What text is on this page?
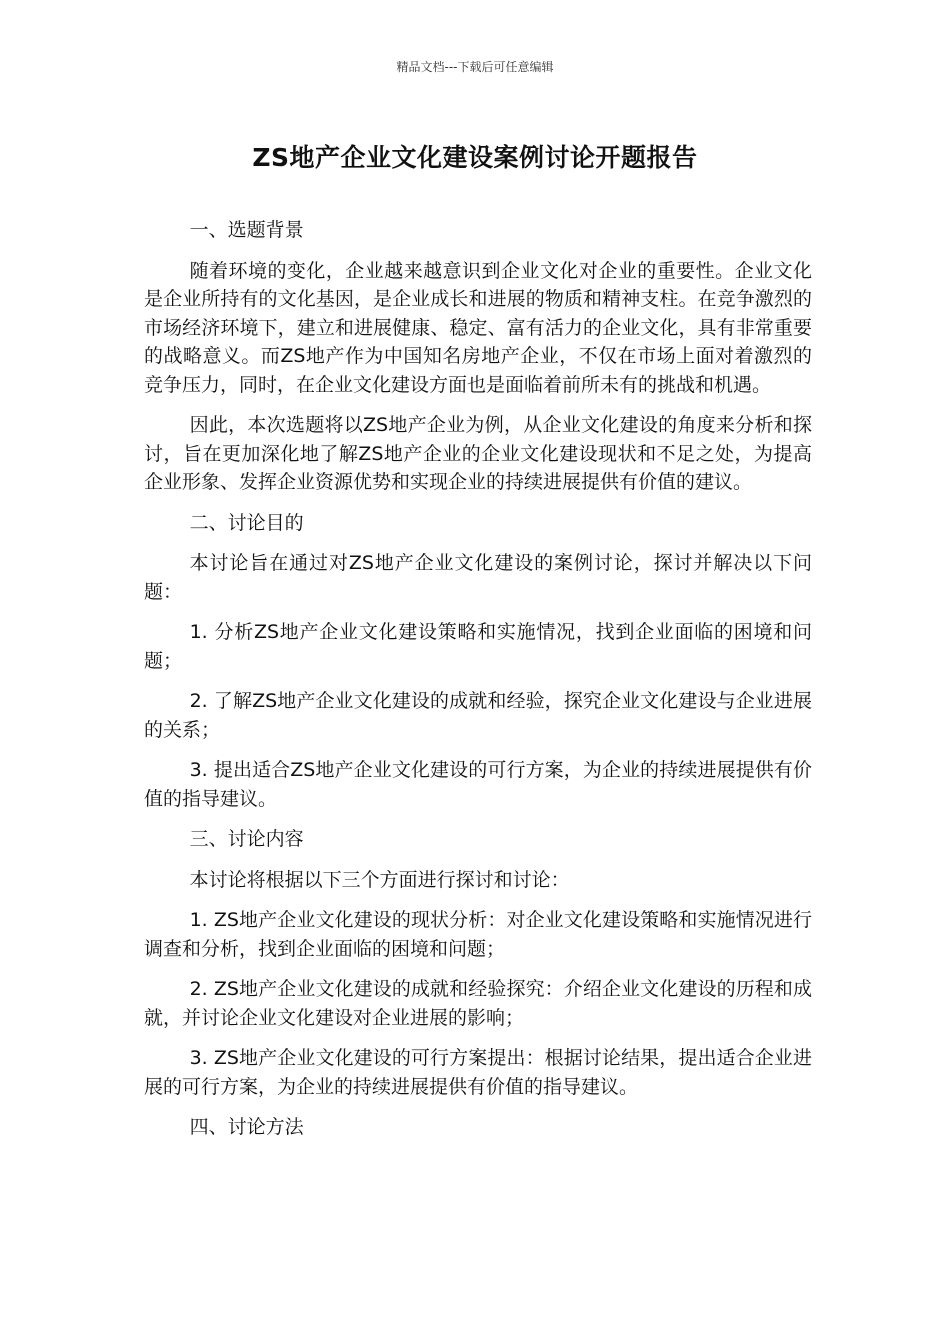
精品文档---下载后可任意编辑
ZS地产企业文化建设案例讨论开题报告

一、选题背景

随着环境的变化，企业越来越意识到企业文化对企业的重要性。企业文化是企业所持有的文化基因，是企业成长和进展的物质和精神支柱。在竞争激烈的市场经济环境下，建立和进展健康、稳定、富有活力的企业文化，具有非常重要的战略意义。而ZS地产作为中国知名房地产企业，不仅在市场上面对着激烈的竞争压力，同时，在企业文化建设方面也是面临着前所未有的挑战和机遇。

因此，本次选题将以ZS地产企业为例，从企业文化建设的角度来分析和探讨，旨在更加深化地了解ZS地产企业的企业文化建设现状和不足之处，为提高企业形象、发挥企业资源优势和实现企业的持续进展提供有价值的建议。

二、讨论目的

本讨论旨在通过对ZS地产企业文化建设的案例讨论，探讨并解决以下问题：

1. 分析ZS地产企业文化建设策略和实施情况，找到企业面临的困境和问题；

2. 了解ZS地产企业文化建设的成就和经验，探究企业文化建设与企业进展的关系；

3. 提出适合ZS地产企业文化建设的可行方案，为企业的持续进展提供有价值的指导建议。

三、讨论内容

本讨论将根据以下三个方面进行探讨和讨论：

1. ZS地产企业文化建设的现状分析：对企业文化建设策略和实施情况进行调查和分析，找到企业面临的困境和问题；

2. ZS地产企业文化建设的成就和经验探究：介绍企业文化建设的历程和成就，并讨论企业文化建设对企业进展的影响；

3. ZS地产企业文化建设的可行方案提出：根据讨论结果，提出适合企业进展的可行方案，为企业的持续进展提供有价值的指导建议。

四、讨论方法
